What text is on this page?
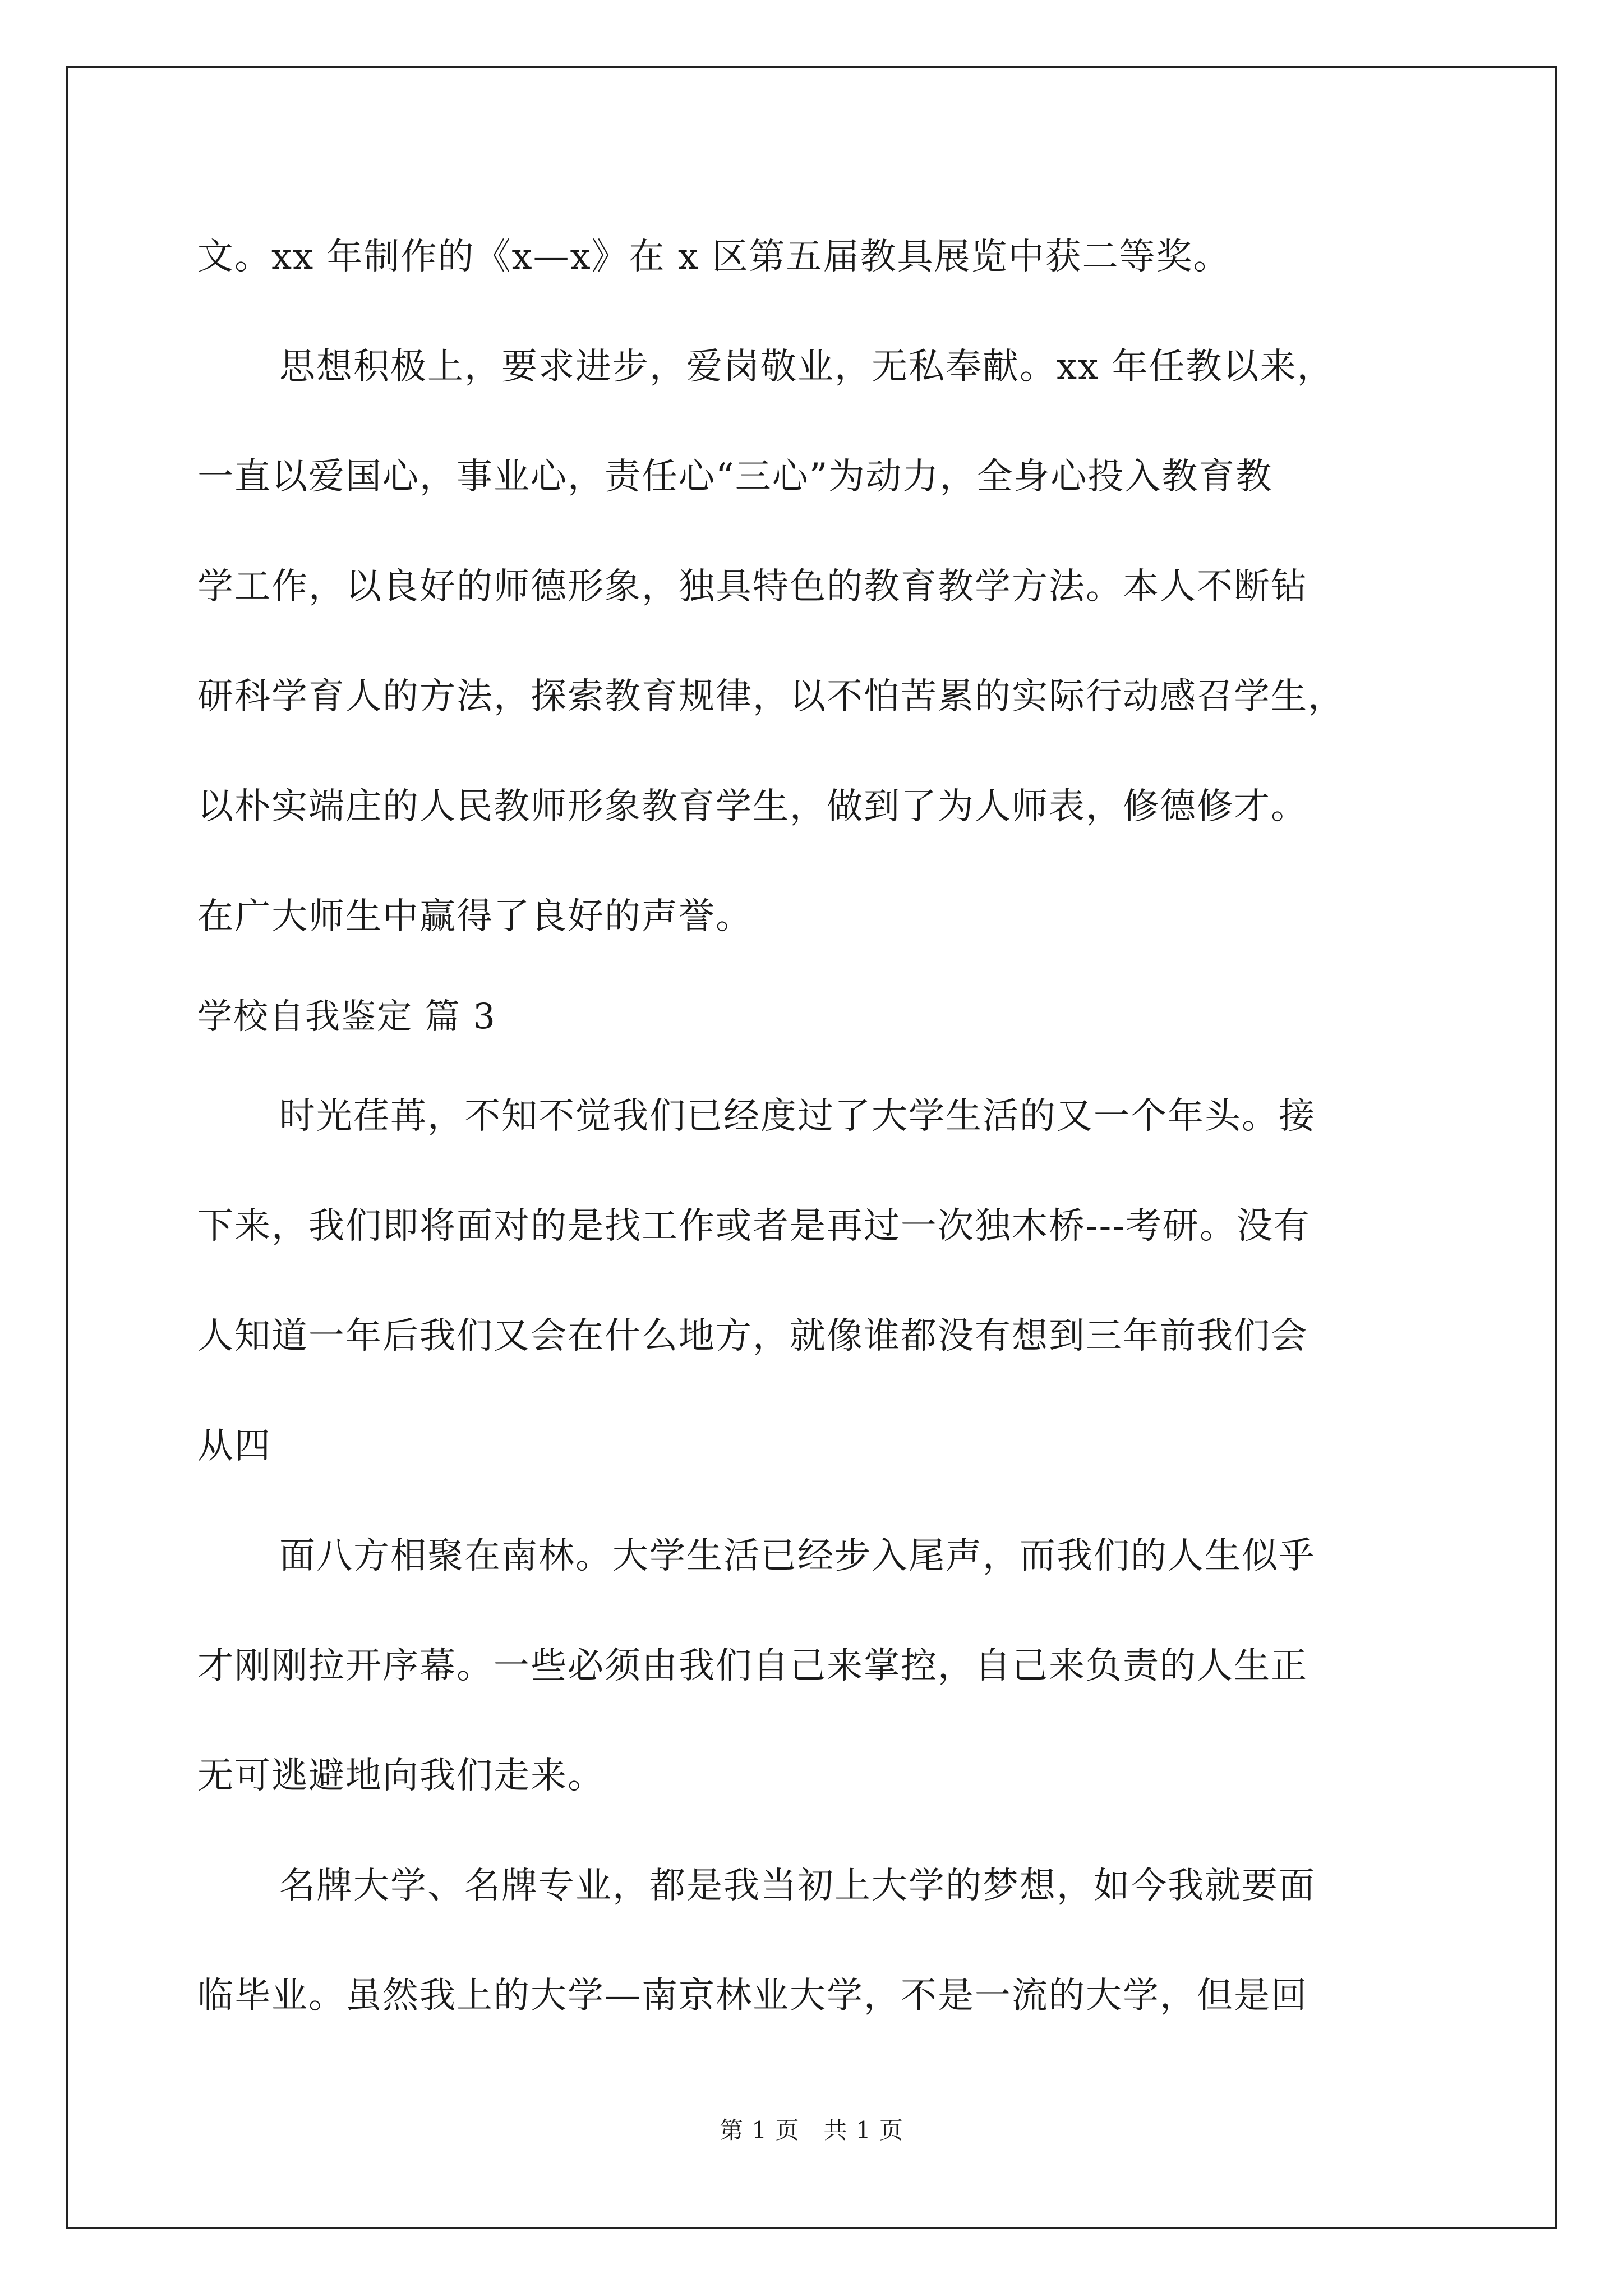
文。xx 年制作的《x—x》在 x 区第五届教具展览中获二等奖。
思想积极上，要求进步，爱岗敬业，无私奉献。xx 年任教以来，
一直以爱国心，事业心，责任心“三心”为动力，全身心投入教育教
学工作，以良好的师德形象，独具特色的教育教学方法。本人不断钻
研科学育人的方法，探索教育规律，以不怕苦累的实际行动感召学生，
以朴实端庄的人民教师形象教育学生，做到了为人师表，修德修才。
在广大师生中赢得了良好的声誉。
学校自我鉴定 篇 3
时光荏苒，不知不觉我们已经度过了大学生活的又一个年头。接
下来，我们即将面对的是找工作或者是再过一次独木桥---考研。没有
人知道一年后我们又会在什么地方，就像谁都没有想到三年前我们会
从四
面八方相聚在南林。大学生活已经步入尾声，而我们的人生似乎
才刚刚拉开序幕。一些必须由我们自己来掌控，自己来负责的人生正
无可逃避地向我们走来。
名牌大学、名牌专业，都是我当初上大学的梦想，如今我就要面
临毕业。虽然我上的大学—南京林业大学，不是一流的大学，但是回
第 1 页　共 1 页
